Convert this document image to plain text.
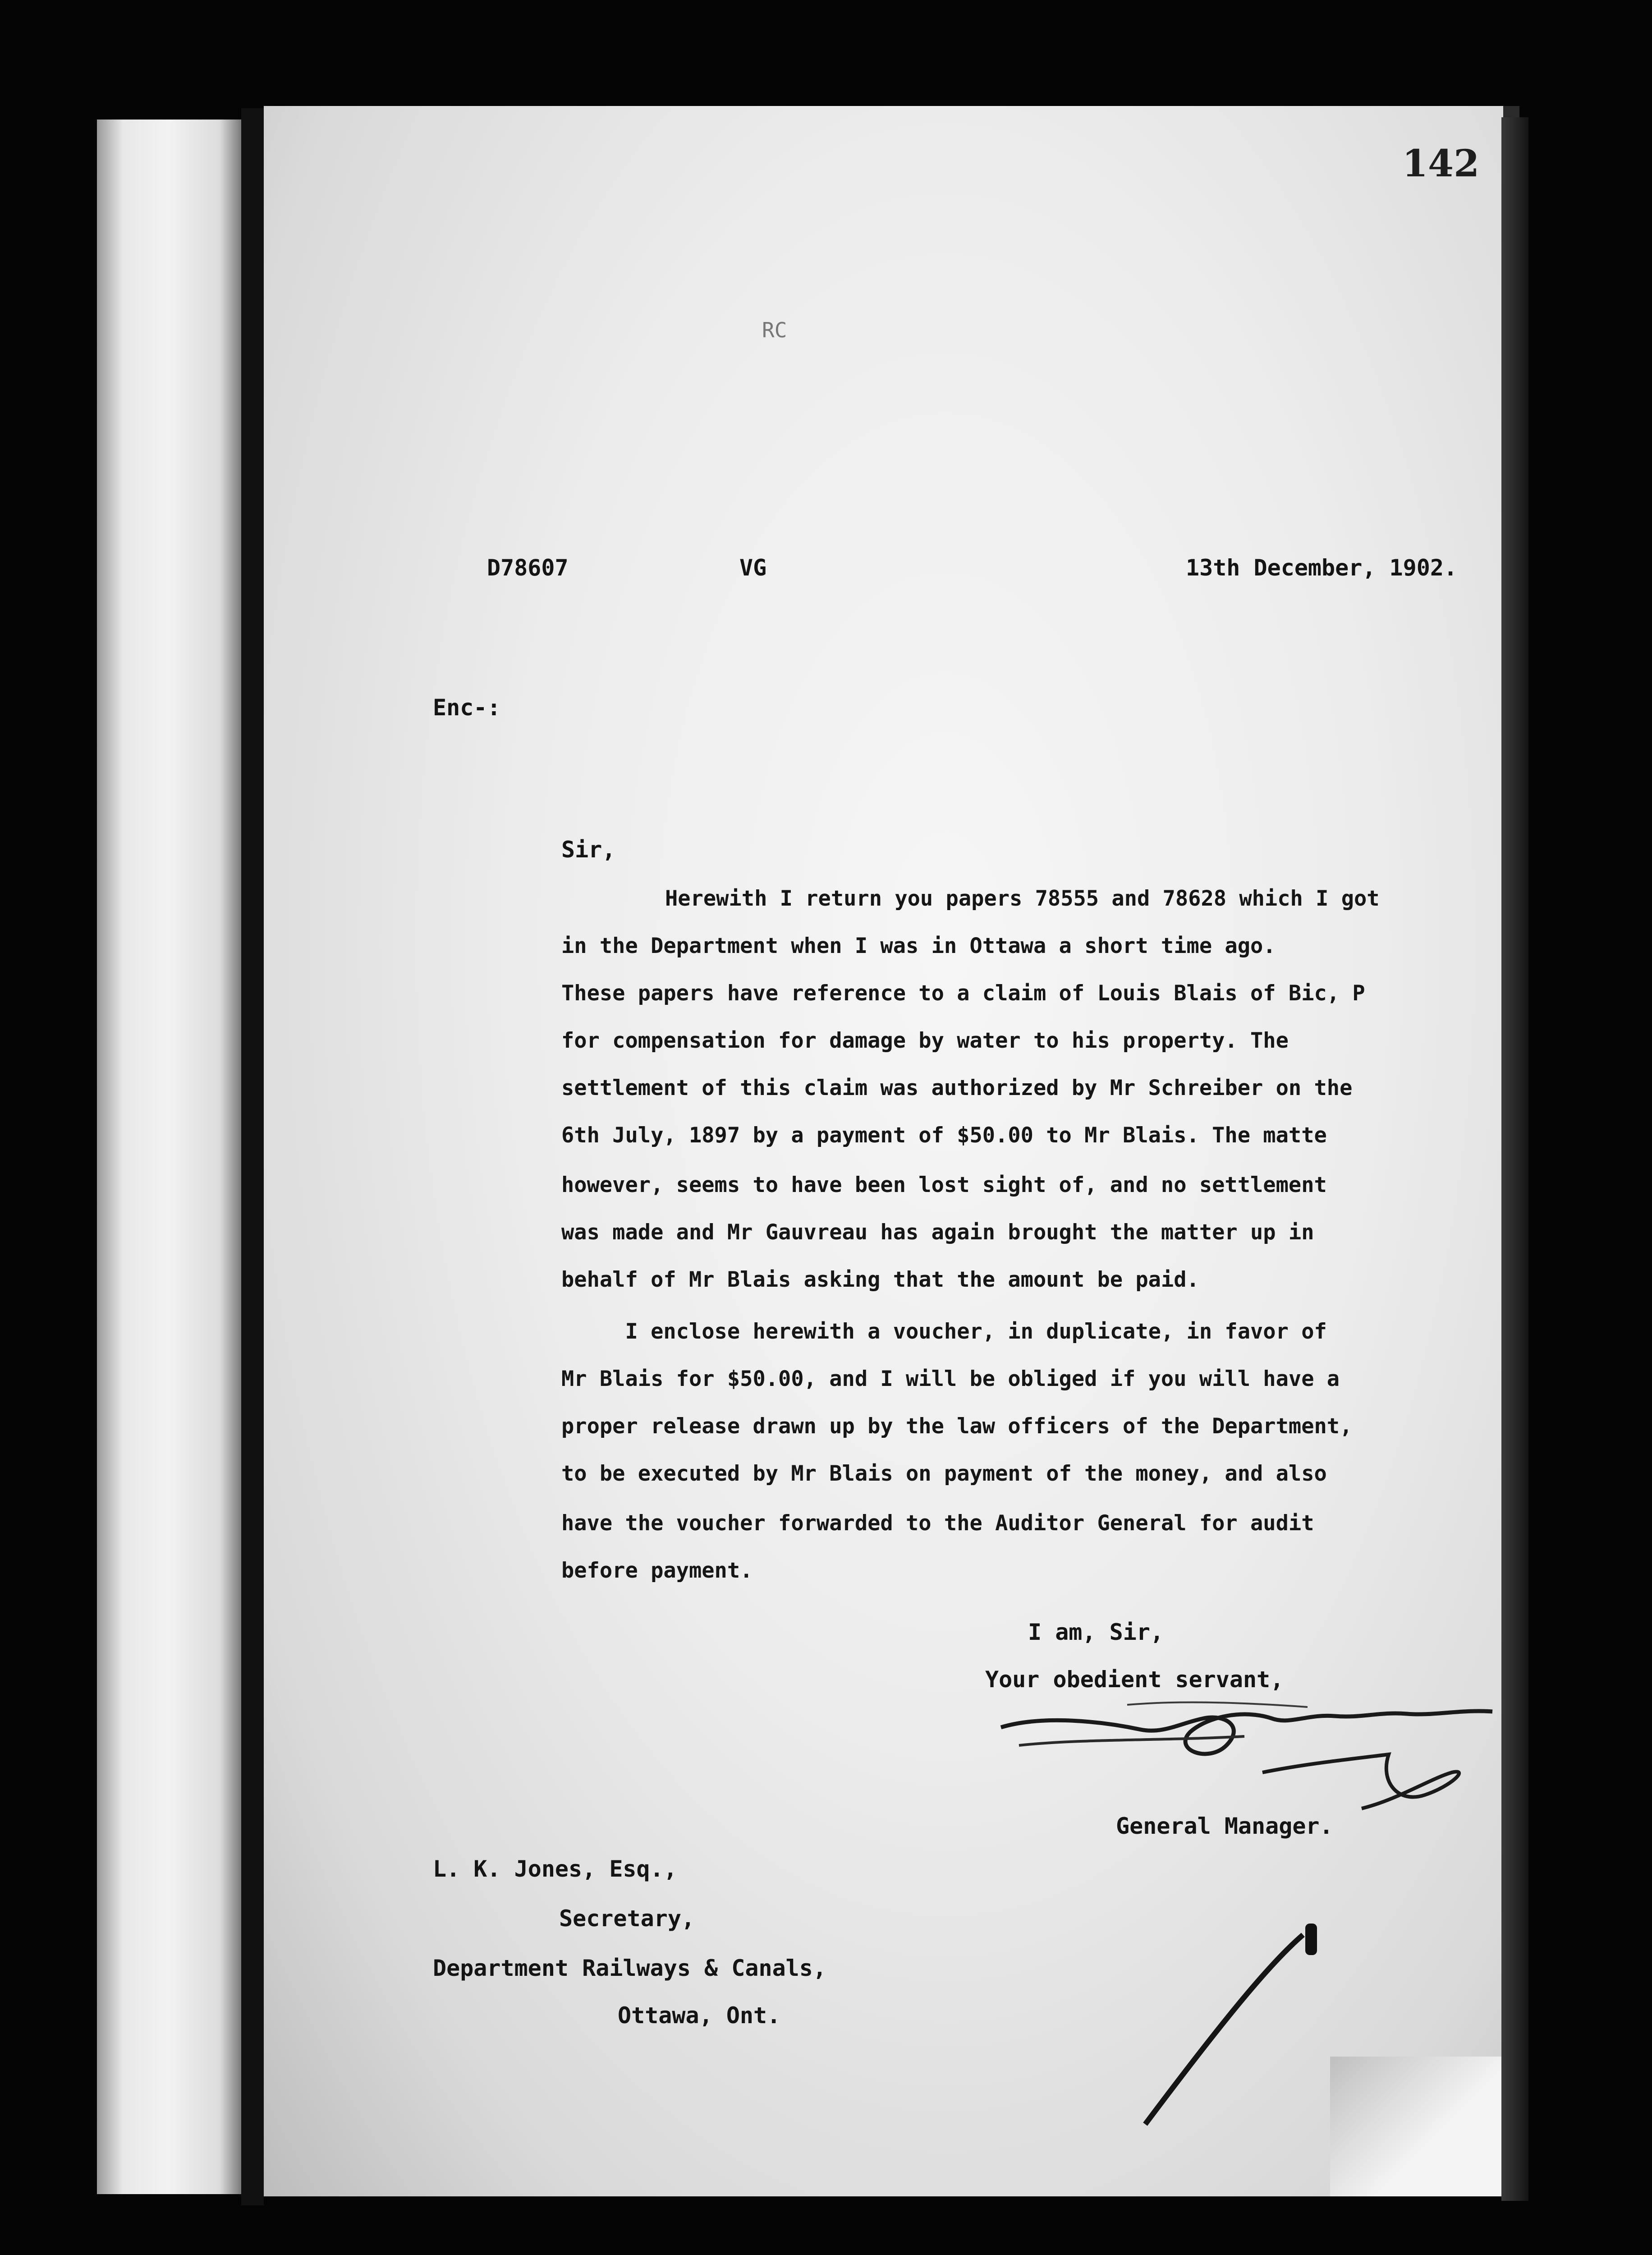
142
RC
D78607	VG	13th December, 1902.
Enc-:
Sir,
Herewith I return you papers 78555 and 78628 which I got
in the Department when I was in Ottawa a short time ago.
These papers have reference to a claim of Louis Blais of Bic, P
for compensation for damage by water to his property. The
settlement of this claim was authorized by Mr Schreiber on the
6th July, 1897 by a payment of $50.00 to Mr Blais. The matte
however, seems to have been lost sight of, and no settlement
was made and Mr Gauvreau has again brought the matter up in
behalf of Mr Blais asking that the amount be paid.
I enclose herewith a voucher, in duplicate, in favor of
Mr Blais for $50.00, and I will be obliged if you will have a
proper release drawn up by the law officers of the Department,
to be executed by Mr Blais on payment of the money, and also
have the voucher forwarded to the Auditor General for audit
before payment.
I am, Sir,
Your obedient servant,
General Manager.
L. K. Jones, Esq.,
Secretary,
Department Railways & Canals,
Ottawa, Ont.
